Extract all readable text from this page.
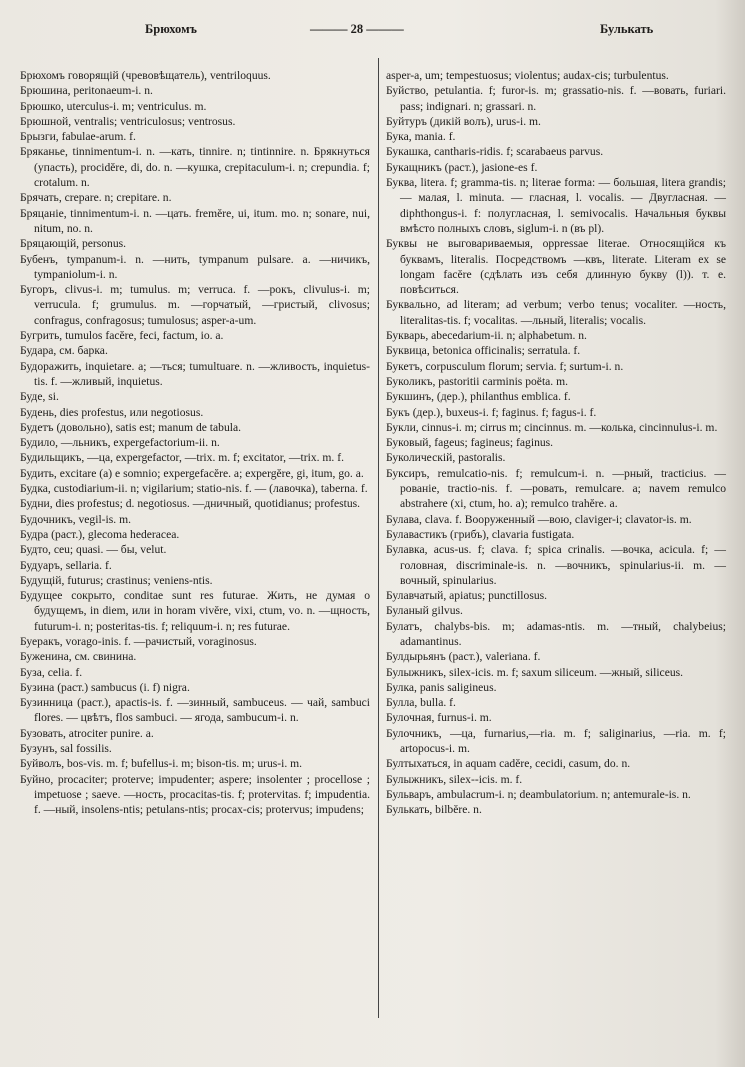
Брюхомъ	——— 28 ———	Булькать

Брюхомъ говорящій (чревовѣщатель), ventriloquus.

Брюшина, peritonaeum-i. n.

Брюшко, uterculus-i. m; ventriculus. m.

Брюшной, ventralis; ventriculosus; ventrosus.

Брызги, fabulae-arum. f.

Бряканье, tinnimentum-i. n. —кать, tinnire. n; tintinnire. n. Брякнуться (упасть), procidĕre, di, do. n. —кушка, crepitaculum-i. n; crepundia. f; crotalum. n.

Брячать, crepare. n; crepitare. n.

Бряцаніе, tinnimentum-i. n. —цать. fremĕre, ui, itum. mo. n; sonare, nui, nitum, no. n.

Бряцающій, personus.

Бубенъ, tympanum-i. n. —нить, tympanum pulsare. a. —ничикъ, tympaniolum-i. n.

Бугоръ, clivus-i. m; tumulus. m; verruca. f. —рокъ, clivulus-i. m; verrucula. f; grumulus. m. —горчатый, —гристый, clivosus; confragus, confragosus; tumulosus; asper-a-um.

Бугрить, tumulos facĕre, feci, factum, io. a.

Бударa, см. барка.

Будоражить, inquietare. a; —тьcя; tumultuare. n. —жливость, inquietus-tis. f. —жливый, inquietus.

Буде, si.

Будень, dies profestus, или negotiosus.

Будетъ (довольно), satis est; manum de tabula.

Будило, —льникъ, expergefactorium-ii. n.

Будильщикъ, —ца, expergefactor, —trix. m. f; excitator, —trix. m. f.

Будить, excitare (a) e somnio; expergefacĕre. a; expergĕre, gi, itum, go. a.

Будка, custodiarium-ii. n; vigilarium; statio-nis. f. — (лавочка), taberna. f.

Будни, dies profestus; d. negotiosus. —дничный, quotidianus; profestus.

Будочникъ, vegil-is. m.

Будра (раст.), glecoma hederacea.

Будто, ceu; quasi. — бы, velut.

Будуаръ, sellaria. f.

Будущій, futurus; crastinus; veniens-ntis.

Будущее сокрыто, conditae sunt res futurae. Жить, не думая о будущемъ, in diem, или in horam vivĕre, vixi, ctum, vo. n. —щность, futurum-i. n; posteritas-tis. f; reliquum-i. n; res futurae.

Буеракъ, vorago-inis. f. —рачистый, voraginosus.

Буженина, см. свинина.

Буза, celia. f.

Бузина (раст.) sambucus (i. f) nigra.

Бузинница (раст.), apactis-is. f. —зинный, sambuceus. — чай, sambuci flores. — цвѣтъ, flos sambuci. — ягода, sambucum-i. n.

Бузовать, atrociter punire. a.

Бузунъ, sal fossilis.

Буйволъ, bos-vis. m. f; bufellus-i. m; bison-tis. m; urus-i. m.

Буйно, procaciter; proterve; impudenter; aspere; insolenter ; procellose ; impetuose ; saeve. —ность, procacitas-tis. f; protervitas. f; impudentia. f. —ный, insolens-ntis; petulans-ntis; procax-cis; protervus; impudens;

asper-a, um; tempestuosus; violentus; audax-cis; turbulentus.

Буйство, petulantia. f; furor-is. m; grassatio-nis. f. —вовать, furiari. pass; indignari. n; grassari. n.

Буйтуръ (дикій волъ), urus-i. m.

Бука, mania. f.

Букашка, cantharis-ridis. f; scarabaeus parvus.

Букащникъ (раст.), jasione-es f.

Буква, litera. f; gramma-tis. n; literae forma: — большая, litera grandis; — малая, l. minuta. — гласная, l. vocalis. — Двугласная. — diphthongus-i. f: полугласная, l. semivocalis. Начальныя буквы вмѣсто полныхъ словъ, siglum-i. n (въ pl).

Буквы не выговариваемыя, oppressae literae. Относящійся къ буквамъ, literalis. Посредствомъ —квъ, literate. Literam ex se longam facĕre (сдѣлать изъ себя длинную букву (l)). т. е. повѣситься.

Буквально, ad literam; ad verbum; verbo tenus; vocaliter. —ность, literalitas-tis. f; vocalitas. —льный, literalis; vocalis.

Букварь, abecedarium-ii. n; alphabetum. n.

Буквица, betonica officinalis; serratula. f.

Букетъ, corpusculum florum; servia. f; surtum-i. n.

Буколикъ, pastoritii carminis poëta. m.

Букшинъ, (дер.), philanthus emblica. f.

Букъ (дер.), buxeus-i. f; faginus. f; fagus-i. f.

Букли, cinnus-i. m; cirrus m; cincinnus. m. —колька, cincinnulus-i. m.

Буковый, fageus; fagineus; faginus.

Буколическій, pastoralis.

Буксиръ, remulcatio-nis. f; remulcum-i. n. —рный, tracticius. —рованіе, tractio-nis. f. —ровать, remulcare. a; navem remulco abstrahere (xi, ctum, ho. a); remulco trahĕre. a.

Булава, clava. f. Вооруженный —вою, claviger-i; clavator-is. m.

Булавастикъ (грибъ), clavaria fustigata.

Булавка, acus-us. f; clava. f; spica crinalis. —вочка, acicula. f; — головная, discriminale-is. n. —вочникъ, spinularius-ii. m. —вочный, spinularius.

Булавчатый, apiatus; punctillosus.

Буланый gilvus.

Булатъ, chalybs-bis. m; adamas-ntis. m. —тный, chalybeius; adamantinus.

Булдырьянъ (раст.), valeriana. f.

Булыжникъ, silex-icis. m. f; saxum siliceum. —жный, siliceus.

Булка, panis saligineus.

Булла, bulla. f.

Булочная, furnus-i. m.

Булочникъ, —ца, furnarius,—ria. m. f; saliginarius, —ria. m. f; artopocus-i. m.

Бултыхаться, in aquam cadĕre, cecidi, casum, do. n.

Булыжникъ, silex--icis. m. f.

Бульваръ, ambulacrum-i. n; deambulatorium. n; antemurale-is. n.

Булькать, bilbĕre. n.
